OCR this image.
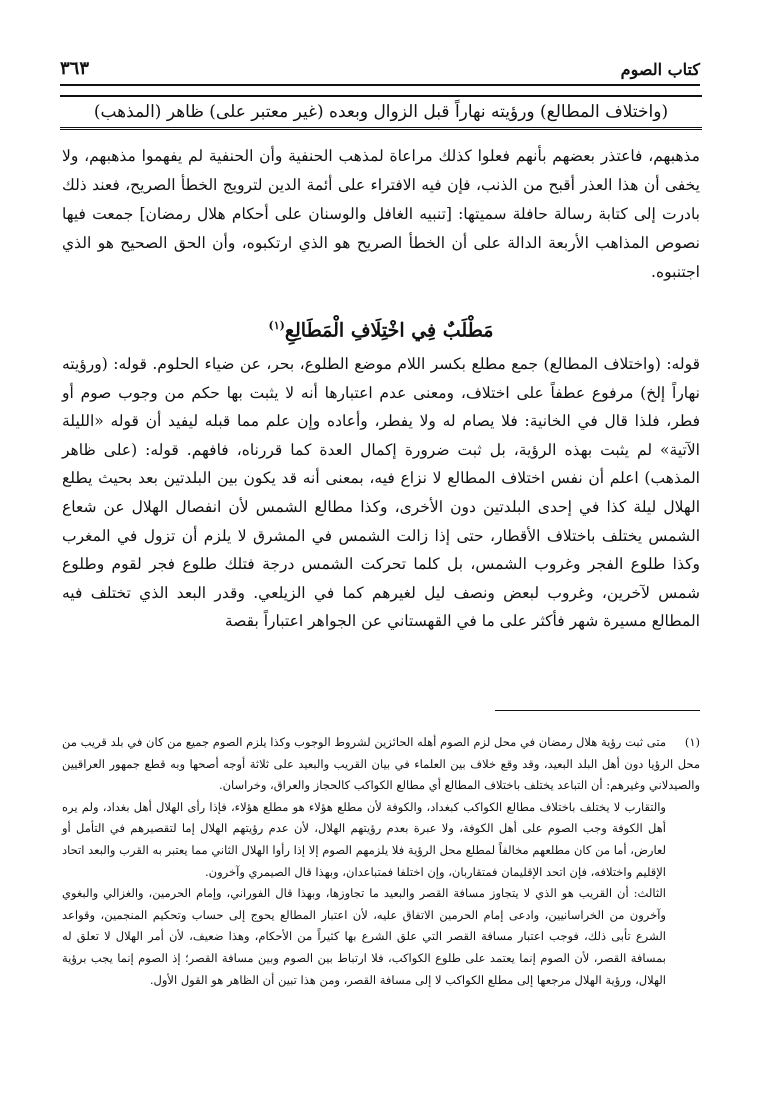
كتاب الصوم
٣٦٣
(واختلاف المطالع) ورؤيته نهاراً قبل الزوال وبعده (غير معتبر على) ظاهر (المذهب)

مذهبهم، فاعتذر بعضهم بأنهم فعلوا كذلك مراعاة لمذهب الحنفية وأن الحنفية لم يفهموا مذهبهم، ولا يخفى أن هذا العذر أقبح من الذنب، فإن فيه الافتراء على أئمة الدين لترويج الخطأ الصريح، فعند ذلك بادرت إلى كتابة رسالة حافلة سميتها: [تنبيه الغافل والوسنان على أحكام هلال رمضان] جمعت فيها نصوص المذاهب الأربعة الدالة على أن الخطأ الصريح هو الذي ارتكبوه، وأن الحق الصحيح هو الذي اجتنبوه.

مَطْلَبٌ فِي اخْتِلَافِ الْمَطَالِعِ$^{(١)}$

قوله: (واختلاف المطالع) جمع مطلع بكسر اللام موضع الطلوع، بحر، عن ضياء الحلوم. قوله: (ورؤيته نهاراً إلخ) مرفوع عطفاً على اختلاف، ومعنى عدم اعتبارها أنه لا يثبت بها حكم من وجوب صوم أو فطر، فلذا قال في الخانية: فلا يصام له ولا يفطر، وأعاده وإن علم مما قبله ليفيد أن قوله «الليلة الآتية» لم يثبت بهذه الرؤية، بل ثبت ضرورة إكمال العدة كما قررناه، فافهم. قوله: (على ظاهر المذهب) اعلم أن نفس اختلاف المطالع لا نزاع فيه، بمعنى أنه قد يكون بين البلدتين بعد بحيث يطلع الهلال ليلة كذا في إحدى البلدتين دون الأخرى، وكذا مطالع الشمس لأن انفصال الهلال عن شعاع الشمس يختلف باختلاف الأقطار، حتى إذا زالت الشمس في المشرق لا يلزم أن تزول في المغرب وكذا طلوع الفجر وغروب الشمس، بل كلما تحركت الشمس درجة فتلك طلوع فجر لقوم وطلوع شمس لآخرين، وغروب لبعض ونصف ليل لغيرهم كما في الزيلعي. وقدر البعد الذي تختلف فيه المطالع مسيرة شهر فأكثر على ما في القهستاني عن الجواهر اعتباراً بقصة

(١)متى ثبت رؤية هلال رمضان في محل لزم الصوم أهله الحائزين لشروط الوجوب وكذا يلزم الصوم جميع من كان في بلد قريب من محل الرؤيا دون أهل البلد البعيد، وقد وقع خلاف بين العلماء في بيان القريب والبعيد على ثلاثة أوجه أصحها وبه قطع جمهور العراقيين والصيدلاني وغيرهم: أن التباعد يختلف باختلاف المطالع أي مطالع الكواكب كالحجاز والعراق، وخراسان.

والتقارب لا يختلف باختلاف مطالع الكواكب كبغداد، والكوفة لأن مطلع هؤلاء هو مطلع هؤلاء، فإذا رأى الهلال أهل بغداد، ولم يره أهل الكوفة وجب الصوم على أهل الكوفة، ولا عبرة بعدم رؤيتهم الهلال، لأن عدم رؤيتهم الهلال إما لتقصيرهم في التأمل أو لعارض، أما من كان مطلعهم مخالفاً لمطلع محل الرؤية فلا يلزمهم الصوم إلا إذا رأوا الهلال الثاني مما يعتبر به القرب والبعد اتحاد الإقليم واختلافه، فإن اتحد الإقليمان فمتقاربان، وإن اختلفا فمتباعدان، وبهذا قال الصيمري وآخرون.

الثالث: أن القريب هو الذي لا يتجاوز مسافة القصر والبعيد ما تجاوزها، وبهذا قال الفوراني، وإمام الحرمين، والغزالي والبغوي وآخرون من الخراسانيين، وادعى إمام الحرمين الاتفاق عليه، لأن اعتبار المطالع يحوج إلى حساب وتحكيم المنجمين، وقواعد الشرع تأبى ذلك، فوجب اعتبار مسافة القصر التي علق الشرع بها كثيراً من الأحكام، وهذا ضعيف، لأن أمر الهلال لا تعلق له بمسافة القصر، لأن الصوم إنما يعتمد على طلوع الكواكب، فلا ارتباط بين الصوم وبين مسافة القصر؛ إذ الصوم إنما يجب برؤية الهلال، ورؤية الهلال مرجعها إلى مطلع الكواكب لا إلى مسافة القصر، ومن هذا تبين أن الظاهر هو القول الأول.
